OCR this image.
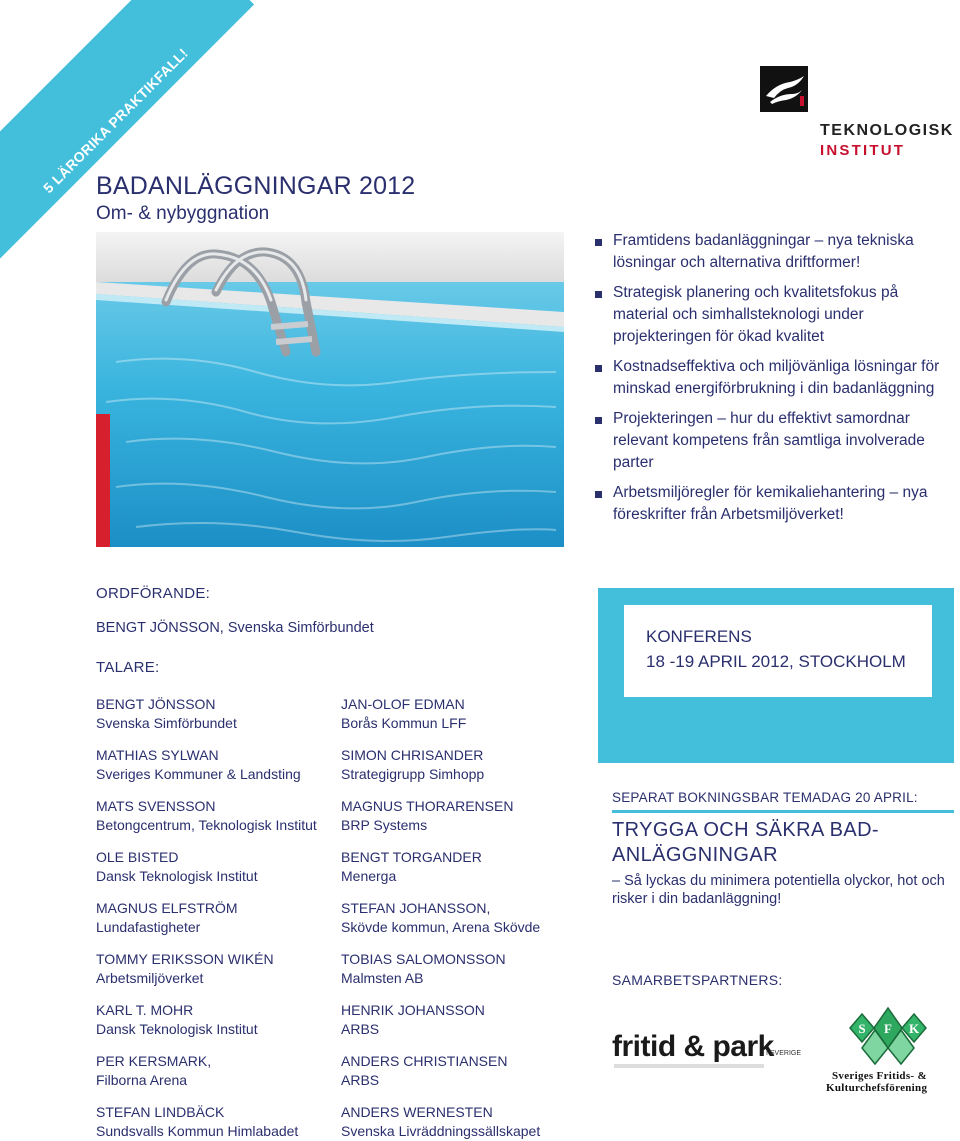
5 LÄRORIKA PRAKTIKFALL!	TEKNOLOGISK
INSTITUT
BADANLÄGGNINGAR 2012
Om- & nybyggnation
Framtidens badanläggningar – nya tekniska lösningar och alternativa driftformer!
Strategisk planering och kvalitetsfokus på material och simhallsteknologi under projekteringen för ökad kvalitet
Kostnadseffektiva och miljövänliga lösningar för minskad energiförbrukning i din badanläggning
Projekteringen – hur du effektivt samordnar relevant kompetens från samtliga involverade parter
Arbetsmiljöregler för kemikaliehantering – nya föreskrifter från Arbetsmiljöverket!
ORDFÖRANDE:
BENGT JÖNSSON, Svenska Simförbundet
TALARE:
BENGT JÖNSSON
Svenska Simförbundet
MATHIAS SYLWAN
Sveriges Kommuner & Landsting
MATS SVENSSON
Betongcentrum, Teknologisk Institut
OLE BISTED
Dansk Teknologisk Institut
MAGNUS ELFSTRÖM
Lundafastigheter
TOMMY ERIKSSON WIKÉN
Arbetsmiljöverket
KARL T. MOHR
Dansk Teknologisk Institut
PER KERSMARK,
Filborna Arena
STEFAN LINDBÄCK
Sundsvalls Kommun Himlabadet
JAN-OLOF EDMAN
Borås Kommun LFF
SIMON CHRISANDER
Strategigrupp Simhopp
MAGNUS THORARENSEN
BRP Systems
BENGT TORGANDER
Menerga
STEFAN JOHANSSON,
Skövde kommun, Arena Skövde
TOBIAS SALOMONSSON
Malmsten AB
HENRIK JOHANSSON
ARBS
ANDERS CHRISTIANSEN
ARBS
ANDERS WERNESTEN
Svenska Livräddningssällskapet
KONFERENS
18 -19 APRIL 2012, STOCKHOLM
SEPARAT BOKNINGSBAR TEMADAG 20 APRIL:
TRYGGA OCH SÄKRA BAD-
ANLÄGGNINGAR
– Så lyckas du minimera potentiella olyckor, hot och risker i din badanläggning!
SAMARBETSPARTNERS:
fritid & park
I SVERIGE
S F K
Sveriges Fritids- &
Kulturchefsförening
